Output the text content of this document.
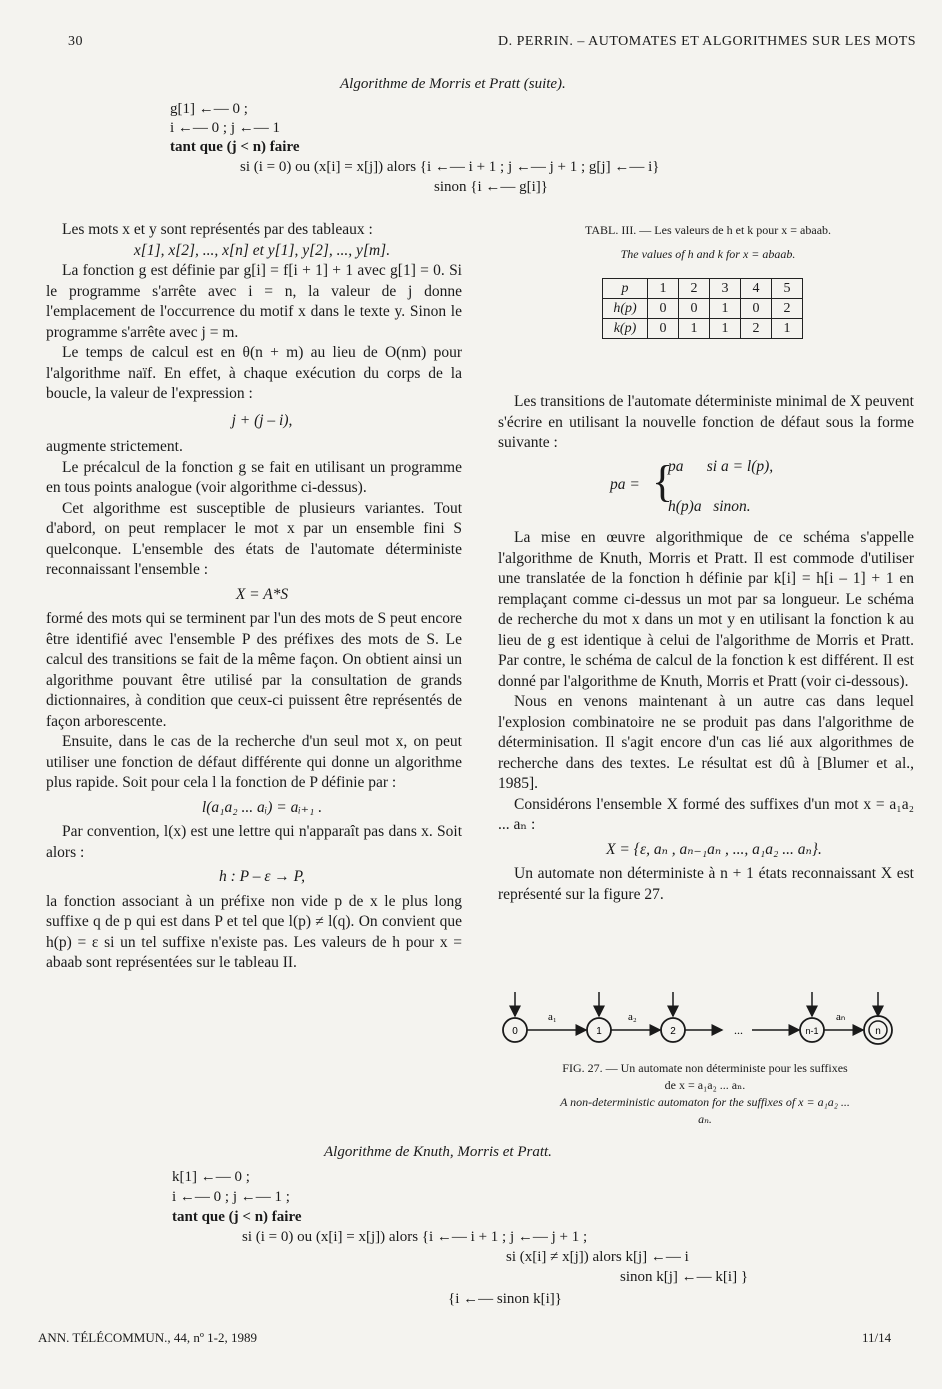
30	D. PERRIN. – AUTOMATES ET ALGORITHMES SUR LES MOTS
Algorithme de Morris et Pratt (suite).
g[1] ←— 0 ;
i ←— 0 ; j ←— 1
tant que (j < n) faire
si (i = 0) ou (x[i] = x[j]) alors {i ←— i + 1 ; j ←— j + 1 ; g[j] ←— i}
sinon {i ←— g[i]}

Les mots x et y sont représentés par des tableaux :

x[1], x[2], ..., x[n] et y[1], y[2], ..., y[m].

La fonction g est définie par g[i] = f[i + 1] + 1 avec g[1] = 0. Si le programme s'arrête avec i = n, la valeur de j donne l'emplacement de l'occurrence du motif x dans le texte y. Sinon le programme s'arrête avec j = m.

Le temps de calcul est en θ(n + m) au lieu de O(nm) pour l'algorithme naïf. En effet, à chaque exécution du corps de la boucle, la valeur de l'expression :

j + (j – i),

augmente strictement.

Le précalcul de la fonction g se fait en utilisant un programme en tous points analogue (voir algorithme ci-dessus).

Cet algorithme est susceptible de plusieurs variantes. Tout d'abord, on peut remplacer le mot x par un ensemble fini S quelconque. L'ensemble des états de l'automate déterministe reconnaissant l'ensemble :

X = A*S

formé des mots qui se terminent par l'un des mots de S peut encore être identifié avec l'ensemble P des préfixes des mots de S. Le calcul des transitions se fait de la même façon. On obtient ainsi un algorithme pouvant être utilisé par la consultation de grands dictionnaires, à condition que ceux-ci puissent être représentés de façon arborescente.

Ensuite, dans le cas de la recherche d'un seul mot x, on peut utiliser une fonction de défaut différente qui donne un algorithme plus rapide. Soit pour cela l la fonction de P définie par :

l(a₁a₂ ... aᵢ) = aᵢ₊₁ .

Par convention, l(x) est une lettre qui n'apparaît pas dans x. Soit alors :

h : P – ε → P,

la fonction associant à un préfixe non vide p de x le plus long suffixe q de p qui est dans P et tel que l(p) ≠ l(q). On convient que h(p) = ε si un tel suffixe n'existe pas. Les valeurs de h pour x = abaab sont représentées sur le tableau II.

TABL. III. — Les valeurs de h et k pour x = abaab.
The values of h and k for x = abaab.
p	1	2	3	4	5
h(p)	0	0	1	0	2
k(p)	0	1	1	2	1

Les transitions de l'automate déterministe minimal de X peuvent s'écrire en utilisant la nouvelle fonction de défaut sous la forme suivante :

pa = {
pa      si a = l(p),
h(p)a   sinon.

La mise en œuvre algorithmique de ce schéma s'appelle l'algorithme de Knuth, Morris et Pratt. Il est commode d'utiliser une translatée de la fonction h définie par k[i] = h[i – 1] + 1 en remplaçant comme ci-dessus un mot par sa longueur. Le schéma de recherche du mot x dans un mot y en utilisant la fonction k au lieu de g est identique à celui de l'algorithme de Morris et Pratt. Par contre, le schéma de calcul de la fonction k est différent. Il est donné par l'algorithme de Knuth, Morris et Pratt (voir ci-dessous).

Nous en venons maintenant à un autre cas dans lequel l'explosion combinatoire ne se produit pas dans l'algorithme de déterminisation. Il s'agit encore d'un cas lié aux algorithmes de recherche dans des textes. Le résultat est dû à [Blumer et al., 1985].

Considérons l'ensemble X formé des suffixes d'un mot x = a₁a₂ ... aₙ :

X = {ε, aₙ , aₙ₋₁aₙ , ..., a₁a₂ ... aₙ}.

Un automate non déterministe à n + 1 états reconnaissant X est représenté sur la figure 27.

0	1	2	n-1	n
...
a₁	a₂	aₙ
FIG. 27. — Un automate non déterministe pour les suffixes de x = a₁a₂ ... aₙ.
A non-deterministic automaton for the suffixes of x = a₁a₂ ... aₙ.
Algorithme de Knuth, Morris et Pratt.
k[1] ←— 0 ;
i ←— 0 ; j ←— 1 ;
tant que (j < n) faire
si (i = 0) ou (x[i] = x[j]) alors {i ←— i + 1 ; j ←— j + 1 ;
si (x[i] ≠ x[j]) alors k[j] ←— i
sinon k[j] ←— k[i] }
{i ←— sinon k[i]}
ANN. TÉLÉCOMMUN., 44, nº 1-2, 1989	11/14
